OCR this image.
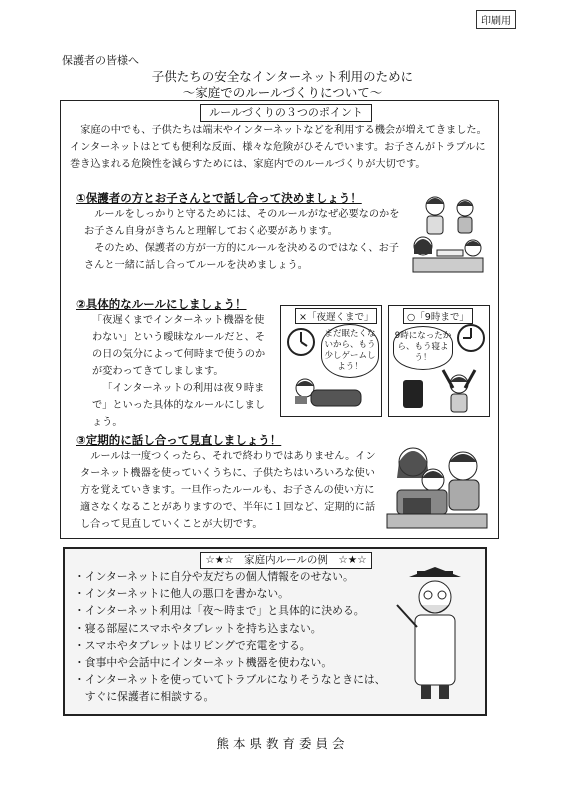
印刷用
保護者の皆様へ
子供たちの安全なインターネット利用のために
～家庭でのルールづくりについて～
ルールづくりの３つのポイント
家庭の中でも、子供たちは端末やインターネットなどを利用する機会が増えてきました。インターネットはとても便利な反面、様々な危険がひそんでいます。お子さんがトラブルに巻き込まれる危険性を減らすためには、家庭内でのルールづくりが大切です。
①保護者の方とお子さんとで話し合って決めましょう！
ルールをしっかりと守るためには、そのルールがなぜ必要なのかをお子さん自身がきちんと理解しておく必要があります。
そのため、保護者の方が一方的にルールを決めるのではなく、お子さんと一緒に話し合ってルールを決めましょう。
②具体的なルールにしましょう！
「夜遅くまでインターネット機器を使わない」という曖昧なルールだと、その日の気分によって何時まで使うのかが変わってきてしまします。
「インターネットの利用は夜９時まで」といった具体的なルールにしましょう。
×「夜遅くまで」
まだ眠たくないから、もう少しゲームしよう！
○「9時まで」
9時になったから、もう寝よう！
③定期的に話し合って見直しましょう！
ルールは一度つくったら、それで終わりではありません。インターネット機器を使っていくうちに、子供たちはいろいろな使い方を覚えていきます。一旦作ったルールも、お子さんの使い方に適さなくなることがありますので、半年に１回など、定期的に話し合って見直していくことが大切です。
☆★☆　家庭内ルールの例　☆★☆
・インターネットに自分や友だちの個人情報をのせない。
・インターネットに他人の悪口を書かない。
・インターネット利用は「夜～時まで」と具体的に決める。
・寝る部屋にスマホやタブレットを持ち込まない。
・スマホやタブレットはリビングで充電をする。
・食事中や会話中にインターネット機器を使わない。
・インターネットを使っていてトラブルになりそうなときには、
　すぐに保護者に相談する。
熊本県教育委員会
